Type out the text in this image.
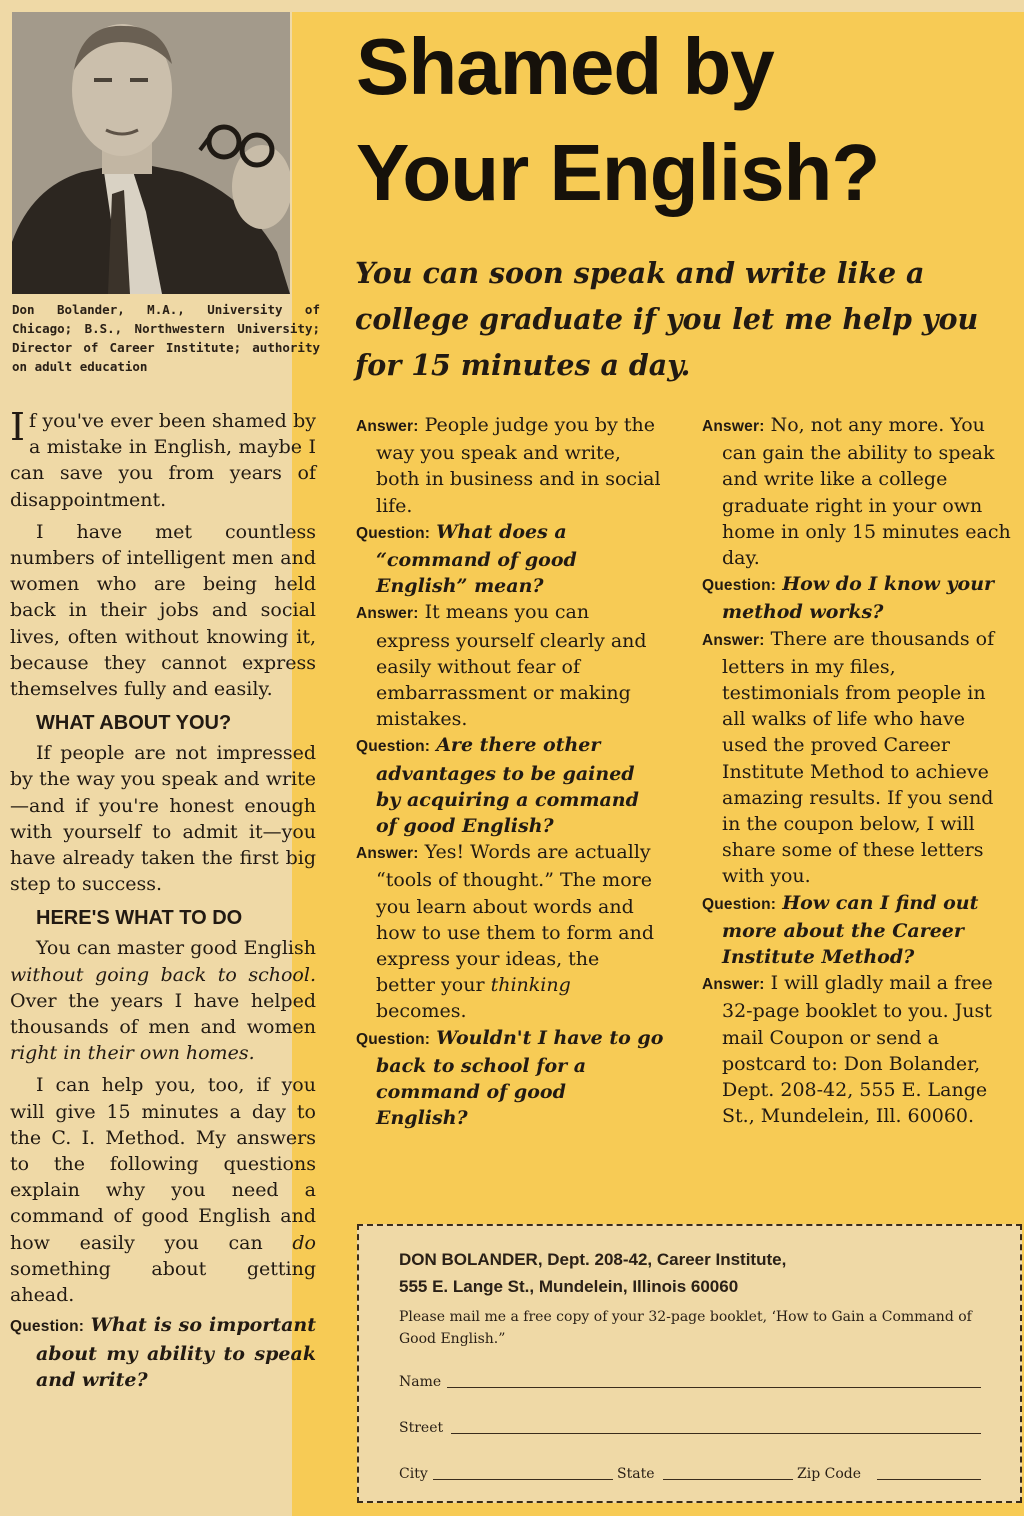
Don Bolander, M.A., University of Chicago; B.S., Northwestern University; Director of Career Institute; authority on adult education
Shamed by
Your English?

You can soon speak and write like a college graduate if you let me help you for 15 minutes a day.

If you've ever been shamed by a mistake in English, maybe I can save you from years of disappointment.

I have met countless numbers of intelligent men and women who are being held back in their jobs and social lives, often without knowing it, because they cannot express themselves fully and easily.

WHAT ABOUT YOU?

If people are not impressed by the way you speak and write—and if you're honest enough with yourself to admit it—you have already taken the first big step to success.

HERE'S WHAT TO DO

You can master good English without going back to school. Over the years I have helped thousands of men and women right in their own homes.

I can help you, too, if you will give 15 minutes a day to the C. I. Method. My answers to the following questions explain why you need a command of good English and how easily you can do something about getting ahead.

Question: What is so important about my ability to speak and write?

Answer: People judge you by the way you speak and write, both in business and in social life.

Question: What does a “command of good English” mean?

Answer: It means you can express yourself clearly and easily without fear of embarrassment or making mistakes.

Question: Are there other advantages to be gained by acquiring a command of good English?

Answer: Yes! Words are actually “tools of thought.” The more you learn about words and how to use them to form and express your ideas, the better your thinking becomes.

Question: Wouldn't I have to go back to school for a command of good English?

Answer: No, not any more. You can gain the ability to speak and write like a college graduate right in your own home in only 15 minutes each day.

Question: How do I know your method works?

Answer: There are thousands of letters in my files, testimonials from people in all walks of life who have used the proved Career Institute Method to achieve amazing results. If you send in the coupon below, I will share some of these letters with you.

Question: How can I find out more about the Career Institute Method?

Answer: I will gladly mail a free 32-page booklet to you. Just mail Coupon or send a postcard to: Don Bolander, Dept. 208-42, 555 E. Lange St., Mundelein, Ill. 60060.

DON BOLANDER, Dept. 208-42, Career Institute,
555 E. Lange St., Mundelein, Illinois 60060
Please mail me a free copy of your 32-page booklet, ‘How to Gain a Command of Good English.”
Name
Street
City	State	Zip Code
